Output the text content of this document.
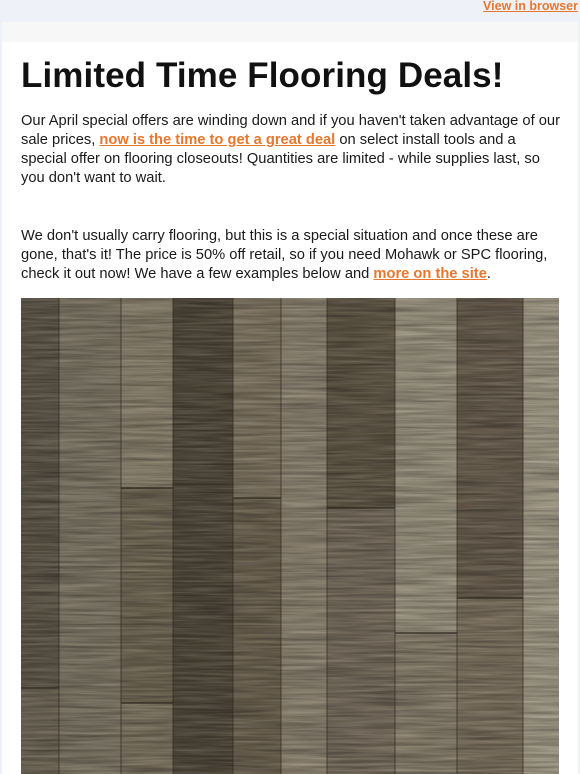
View in browser
Limited Time Flooring Deals!

Our April special offers are winding down and if you haven't taken advantage of our sale prices, now is the time to get a great deal on select install tools and a special offer on flooring closeouts! Quantities are limited - while supplies last, so you don't want to wait.

We don't usually carry flooring, but this is a special situation and once these are gone, that's it! The price is 50% off retail, so if you need Mohawk or SPC flooring, check it out now! We have a few examples below and more on the site.
